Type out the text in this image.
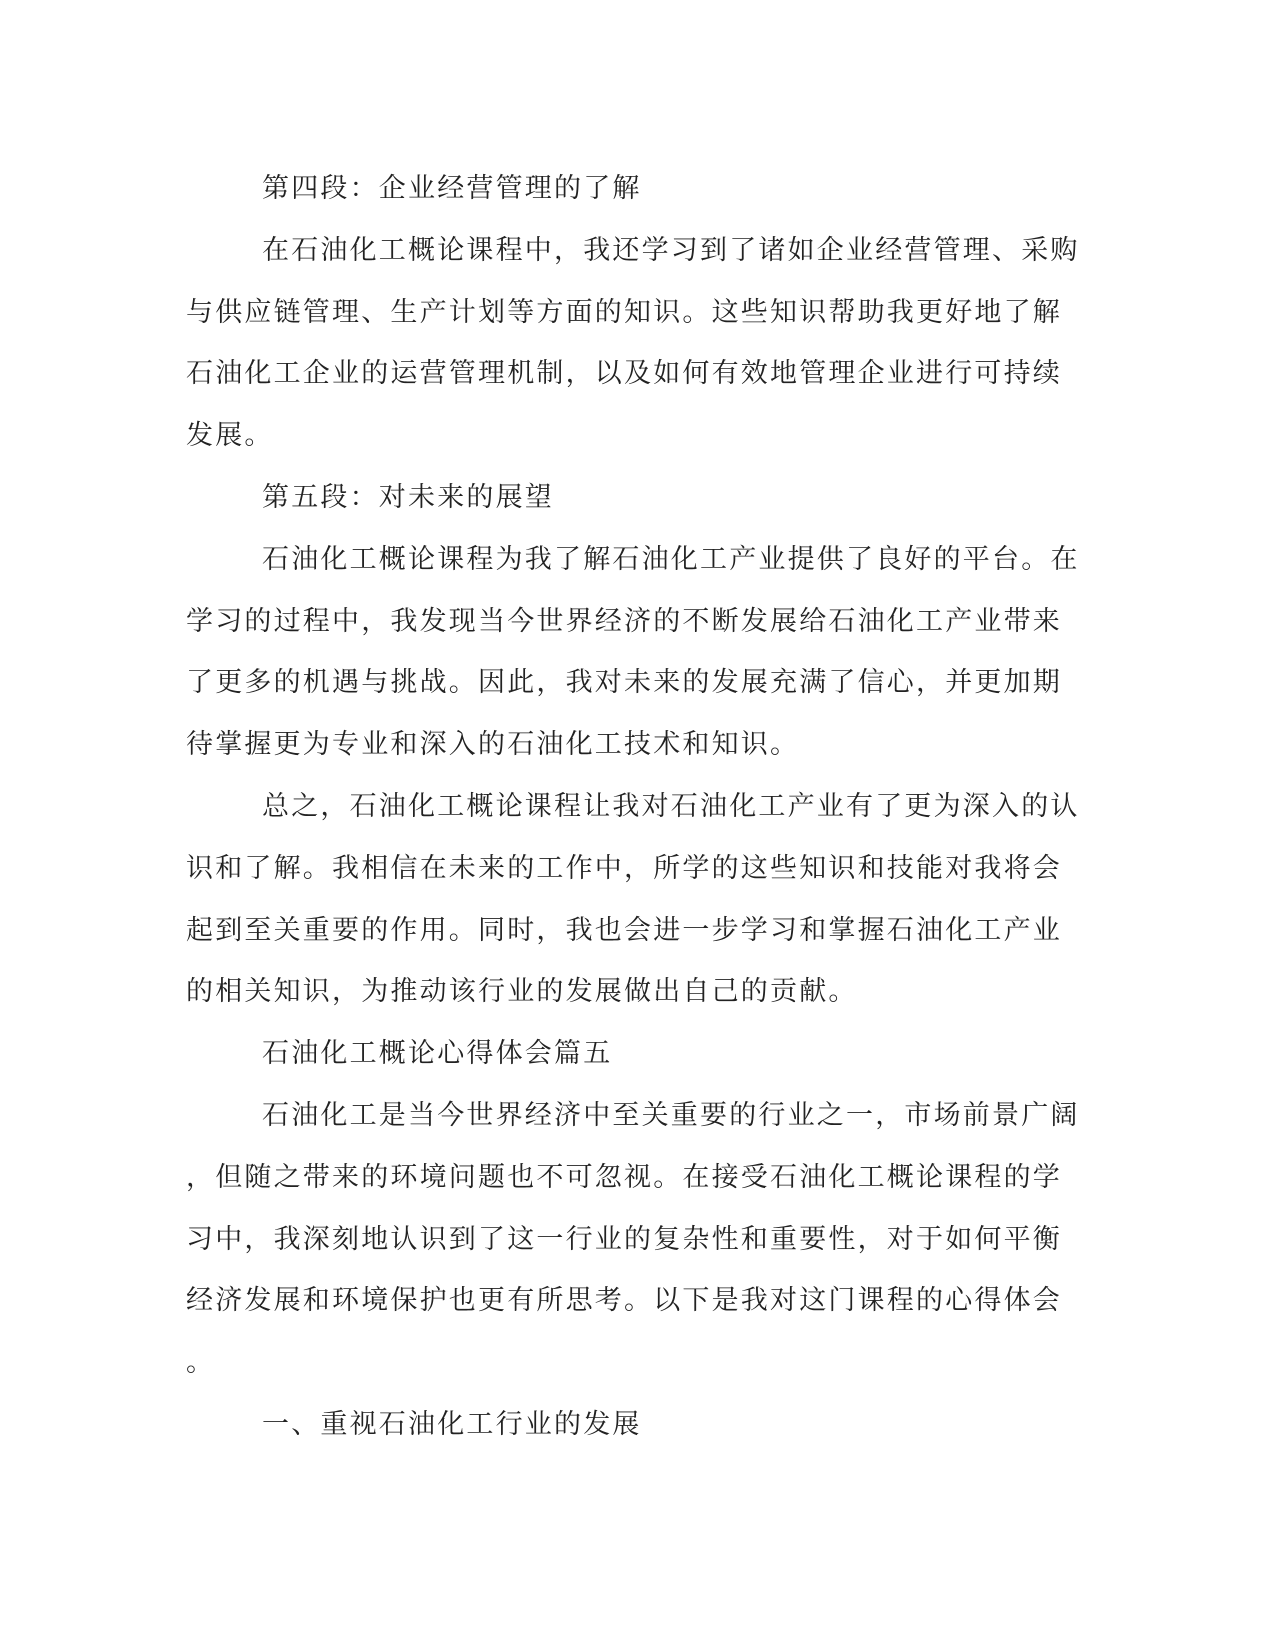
第四段：企业经营管理的了解
在石油化工概论课程中，我还学习到了诸如企业经营管理、采购
与供应链管理、生产计划等方面的知识。这些知识帮助我更好地了解
石油化工企业的运营管理机制，以及如何有效地管理企业进行可持续
发展。
第五段：对未来的展望
石油化工概论课程为我了解石油化工产业提供了良好的平台。在
学习的过程中，我发现当今世界经济的不断发展给石油化工产业带来
了更多的机遇与挑战。因此，我对未来的发展充满了信心，并更加期
待掌握更为专业和深入的石油化工技术和知识。
总之，石油化工概论课程让我对石油化工产业有了更为深入的认
识和了解。我相信在未来的工作中，所学的这些知识和技能对我将会
起到至关重要的作用。同时，我也会进一步学习和掌握石油化工产业
的相关知识，为推动该行业的发展做出自己的贡献。
石油化工概论心得体会篇五
石油化工是当今世界经济中至关重要的行业之一，市场前景广阔
，但随之带来的环境问题也不可忽视。在接受石油化工概论课程的学
习中，我深刻地认识到了这一行业的复杂性和重要性，对于如何平衡
经济发展和环境保护也更有所思考。以下是我对这门课程的心得体会
。
一、重视石油化工行业的发展
